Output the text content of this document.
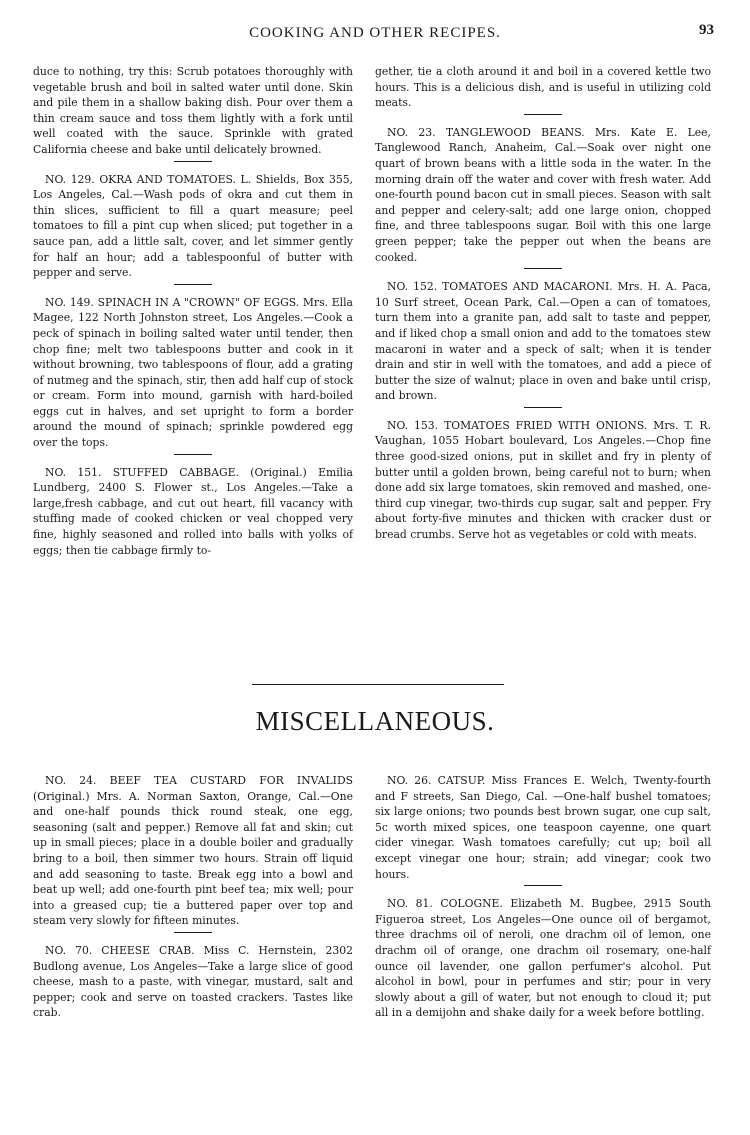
COOKING AND OTHER RECIPES.	93

duce to nothing, try this: Scrub potatoes thoroughly with vegetable brush and boil in salted water until done. Skin and pile them in a shallow baking dish. Pour over them a thin cream sauce and toss them lightly with a fork until well coated with the sauce. Sprinkle with grated California cheese and bake until delicately browned.

NO. 129. OKRA AND TOMATOES. L. Shields, Box 355, Los Angeles, Cal.—Wash pods of okra and cut them in thin slices, sufficient to fill a quart measure; peel tomatoes to fill a pint cup when sliced; put together in a sauce pan, add a little salt, cover, and let simmer gently for half an hour; add a tablespoonful of butter with pepper and serve.

NO. 149. SPINACH IN A "CROWN" OF EGGS. Mrs. Ella Magee, 122 North Johnston street, Los Angeles.—Cook a peck of spinach in boiling salted water until tender, then chop fine; melt two tablespoons butter and cook in it without browning, two tablespoons of flour, add a grating of nutmeg and the spinach, stir, then add half cup of stock or cream. Form into mound, garnish with hard-boiled eggs cut in halves, and set upright to form a border around the mound of spinach; sprinkle powdered egg over the tops.

NO. 151. STUFFED CABBAGE. (Original.) Emilia Lundberg, 2400 S. Flower st., Los Angeles.—Take a large,fresh cabbage, and cut out heart, fill vacancy with stuffing made of cooked chicken or veal chopped very fine, highly seasoned and rolled into balls with yolks of eggs; then tie cabbage firmly to-

gether, tie a cloth around it and boil in a covered kettle two hours. This is a delicious dish, and is useful in utilizing cold meats.

NO. 23. TANGLEWOOD BEANS. Mrs. Kate E. Lee, Tanglewood Ranch, Anaheim, Cal.—Soak over night one quart of brown beans with a little soda in the water. In the morning drain off the water and cover with fresh water. Add one-fourth pound bacon cut in small pieces. Season with salt and pepper and celery-salt; add one large onion, chopped fine, and three tablespoons sugar. Boil with this one large green pepper; take the pepper out when the beans are cooked.

NO. 152. TOMATOES AND MACARONI. Mrs. H. A. Paca, 10 Surf street, Ocean Park, Cal.—Open a can of tomatoes, turn them into a granite pan, add salt to taste and pepper, and if liked chop a small onion and add to the tomatoes stew macaroni in water and a speck of salt; when it is tender drain and stir in well with the tomatoes, and add a piece of butter the size of walnut; place in oven and bake until crisp, and brown.

NO. 153. TOMATOES FRIED WITH ONIONS. Mrs. T. R. Vaughan, 1055 Hobart boulevard, Los Angeles.—Chop fine three good-sized onions, put in skillet and fry in plenty of butter until a golden brown, being careful not to burn; when done add six large tomatoes, skin removed and mashed, one-third cup vinegar, two-thirds cup sugar, salt and pepper. Fry about forty-five minutes and thicken with cracker dust or bread crumbs. Serve hot as vegetables or cold with meats.

MISCELLANEOUS.

NO. 24. BEEF TEA CUSTARD FOR INVALIDS (Original.) Mrs. A. Norman Saxton, Orange, Cal.—One and one-half pounds thick round steak, one egg, seasoning (salt and pepper.) Remove all fat and skin; cut up in small pieces; place in a double boiler and gradually bring to a boil, then simmer two hours. Strain off liquid and add seasoning to taste. Break egg into a bowl and beat up well; add one-fourth pint beef tea; mix well; pour into a greased cup; tie a buttered paper over top and steam very slowly for fifteen minutes.

NO. 70. CHEESE CRAB. Miss C. Hernstein, 2302 Budlong avenue, Los Angeles—Take a large slice of good cheese, mash to a paste, with vinegar, mustard, salt and pepper; cook and serve on toasted crackers. Tastes like crab.

NO. 26. CATSUP. Miss Frances E. Welch, Twenty-fourth and F streets, San Diego, Cal. —One-half bushel tomatoes; six large onions; two pounds best brown sugar, one cup salt, 5c worth mixed spices, one teaspoon cayenne, one quart cider vinegar. Wash tomatoes carefully; cut up; boil all except vinegar one hour; strain; add vinegar; cook two hours.

NO. 81. COLOGNE. Elizabeth M. Bugbee, 2915 South Figueroa street, Los Angeles—One ounce oil of bergamot, three drachms oil of neroli, one drachm oil of lemon, one drachm oil of orange, one drachm oil rosemary, one-half ounce oil lavender, one gallon perfumer's alcohol. Put alcohol in bowl, pour in perfumes and stir; pour in very slowly about a gill of water, but not enough to cloud it; put all in a demijohn and shake daily for a week before bottling.
